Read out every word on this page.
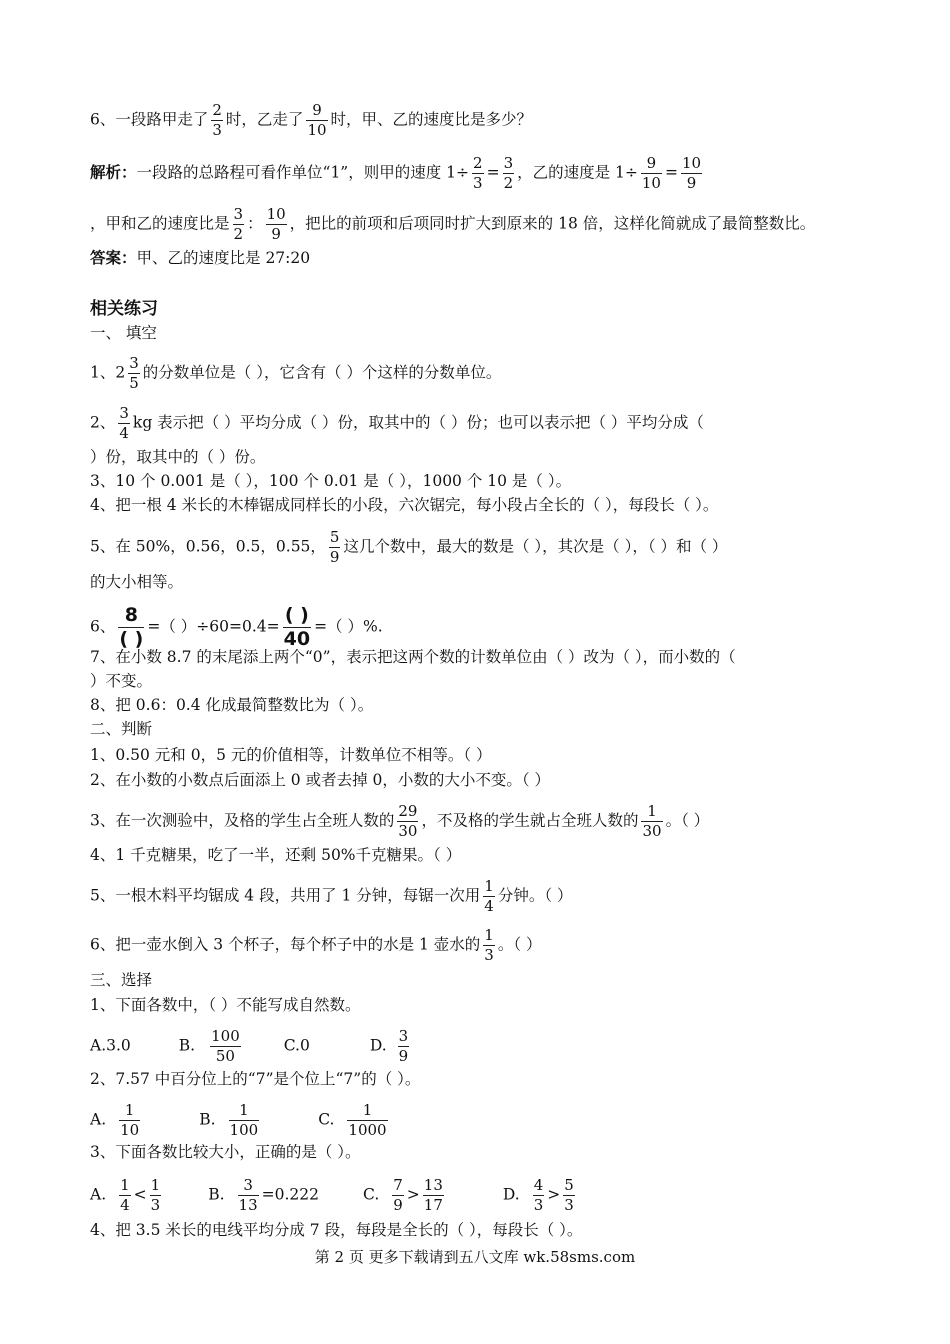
6、一段路甲走了 $\frac{2}{3}$ 时，乙走了 $\frac{9}{10}$ 时，甲、乙的速度比是多少？
解析：一段路的总路程可看作单位“1”，则甲的速度 $1\div \frac{2}{3} = \frac{3}{2}$ ，乙的速度是 $1\div \frac{9}{10} = \frac{10}{9}$
，甲和乙的速度比是 $\frac{3}{2}$ ： $\frac{10}{9}$ ，把比的前项和后项同时扩大到原来的 18 倍，这样化简就成了最简整数比。
答案：甲、乙的速度比是 27:20
相关练习
一、 填空
1、$2 \frac{3}{5}$ 的分数单位是（ ），它含有（ ）个这样的分数单位。
2、 $\frac{3}{4}$ kg 表示把（ ）平均分成（ ）份，取其中的（ ）份；也可以表示把（ ）平均分成（
）份，取其中的（ ）份。
3、10 个 0.001 是（ ），100 个 0.01 是（ ），1000 个 10 是（ ）。
4、把一根 4 米长的木棒锯成同样长的小段，六次锯完，每小段占全长的（ ），每段长（ ）。
5、在 50%，0.56，0.5，0.55， $\frac{5}{9}$ 这几个数中，最大的数是（ ），其次是（ ），（ ）和（ ）
的大小相等。
6、 $\frac{8}{( )}$ =（ ）$\div 60=0.4= \frac{( )}{40}$ =（ ）%.
7、在小数 8.7 的末尾添上两个“0”，表示把这两个数的计数单位由（ ）改为（ ），而小数的（
）不变。
8、把 0.6：0.4 化成最简整数比为（ ）。
二、判断
1、0.50 元和 0，5 元的价值相等，计数单位不相等。（ ）
2、在小数的小数点后面添上 0 或者去掉 0，小数的大小不变。（ ）
3、在一次测验中，及格的学生占全班人数的 $\frac{29}{30}$ ，不及格的学生就占全班人数的 $\frac{1}{30}$ 。（ ）
4、1 千克糖果，吃了一半，还剩 50%千克糖果。（ ）
5、一根木料平均锯成 4 段，共用了 1 分钟，每锯一次用 $\frac{1}{4}$ 分钟。（ ）
6、把一壶水倒入 3 个杯子，每个杯子中的水是 1 壶水的 $\frac{1}{3}$ 。（ ）
三、选择
1、下面各数中，（ ）不能写成自然数。
A.3.0	B. $\frac{100}{50}$	C.0	D. $\frac{3}{9}$
2、7.57 中百分位上的“7”是个位上“7”的（ ）。
A. $\frac{1}{10}$	B. $\frac{1}{100}$	C. $\frac{1}{1000}$
3、下面各数比较大小，正确的是（ ）。
A. $\frac{1}{4} < \frac{1}{3}$	B. $\frac{3}{13} =0.222$	C. $\frac{7}{9} > \frac{13}{17}$	D. $\frac{4}{3} > \frac{5}{3}$
4、把 3.5 米长的电线平均分成 7 段，每段是全长的（ ），每段长（ ）。
第 2 页 更多下载请到五八文库 wk.58sms.com
